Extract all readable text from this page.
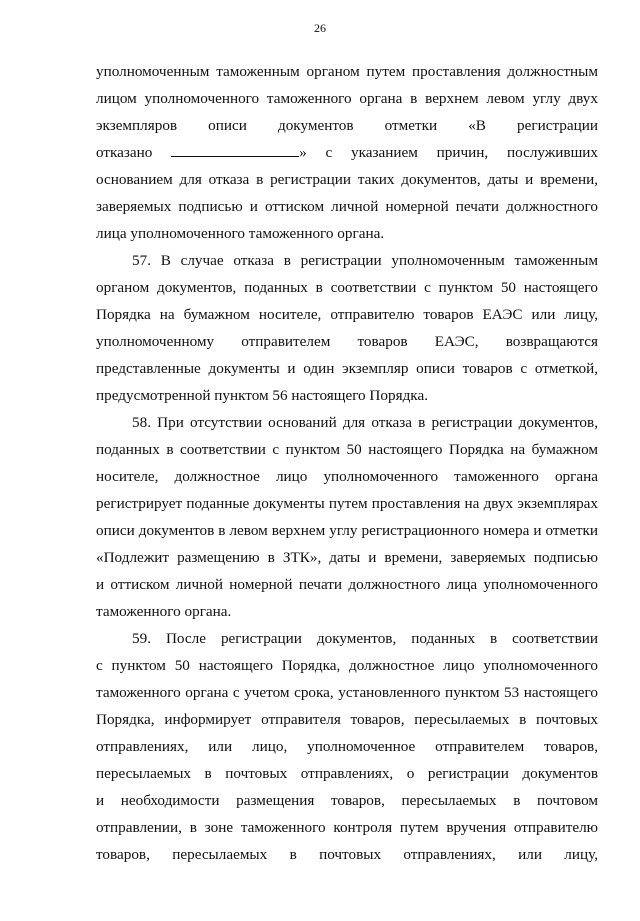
26
уполномоченным таможенным органом путем проставления должностным
лицом уполномоченного таможенного органа в верхнем левом углу двух
экземпляров описи документов отметки «В регистрации
отказано	» с указанием причин, послуживших
основанием для отказа в регистрации таких документов, даты и времени,
заверяемых подписью и оттиском личной номерной печати должностного
лица уполномоченного таможенного органа.
57. В случае отказа в регистрации уполномоченным таможенным
органом документов, поданных в соответствии с пунктом 50 настоящего
Порядка на бумажном носителе, отправителю товаров ЕАЭС или лицу,
уполномоченному отправителем товаров ЕАЭС, возвращаются
представленные документы и один экземпляр описи товаров с отметкой,
предусмотренной пунктом 56 настоящего Порядка.
58. При отсутствии оснований для отказа в регистрации документов,
поданных в соответствии с пунктом 50 настоящего Порядка на бумажном
носителе, должностное лицо уполномоченного таможенного органа
регистрирует поданные документы путем проставления на двух экземплярах
описи документов в левом верхнем углу регистрационного номера и отметки
«Подлежит размещению в ЗТК», даты и времени, заверяемых подписью
и оттиском личной номерной печати должностного лица уполномоченного
таможенного органа.
59. После регистрации документов, поданных в соответствии
с пунктом 50 настоящего Порядка, должностное лицо уполномоченного
таможенного органа с учетом срока, установленного пунктом 53 настоящего
Порядка, информирует отправителя товаров, пересылаемых в почтовых
отправлениях, или лицо, уполномоченное отправителем товаров,
пересылаемых в почтовых отправлениях, о регистрации документов
и необходимости размещения товаров, пересылаемых в почтовом
отправлении, в зоне таможенного контроля путем вручения отправителю
товаров, пересылаемых в почтовых отправлениях, или лицу,
